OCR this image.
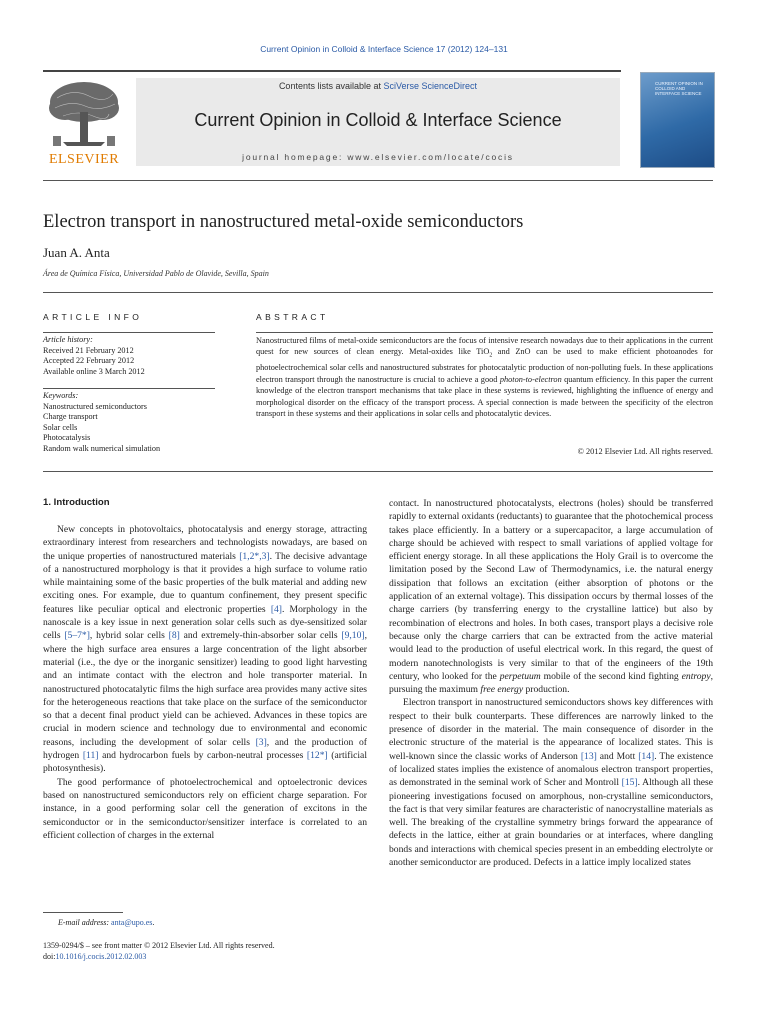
Current Opinion in Colloid & Interface Science 17 (2012) 124–131
ELSEVIER
Contents lists available at SciVerse ScienceDirect
Current Opinion in Colloid & Interface Science
journal homepage: www.elsevier.com/locate/cocis
CURRENT OPINION IN COLLOID AND INTERFACE SCIENCE
Electron transport in nanostructured metal-oxide semiconductors
Juan A. Anta
Área de Química Física, Universidad Pablo de Olavide, Sevilla, Spain
ARTICLE INFO	ABSTRACT
Article history:
Received 21 February 2012
Accepted 22 February 2012
Available online 3 March 2012
Keywords:
Nanostructured semiconductors
Charge transport
Solar cells
Photocatalysis
Random walk numerical simulation
Nanostructured films of metal-oxide semiconductors are the focus of intensive research nowadays due to their applications in the current quest for new sources of clean energy. Metal-oxides like TiO$_2$ and ZnO can be used to make efficient photoanodes for photoelectrochemical solar cells and nanostructured substrates for photocatalytic production of non-polluting fuels. In these applications electron transport through the nanostructure is crucial to achieve a good photon-to-electron quantum efficiency. In this paper the current knowledge of the electron transport mechanisms that take place in these systems is reviewed, highlighting the influence of energy and morphological disorder on the efficacy of the transport process. A special connection is made between the specificity of the electron transport in these systems and their applications in solar cells and photocatalytic devices.
© 2012 Elsevier Ltd. All rights reserved.
1. Introduction

New concepts in photovoltaics, photocatalysis and energy storage, attracting extraordinary interest from researchers and technologists nowadays, are based on the unique properties of nanostructured materials [1,2*,3]. The decisive advantage of a nanostructured morphology is that it provides a high surface to volume ratio while maintaining some of the basic properties of the bulk material and adding new exciting ones. For example, due to quantum confinement, they present specific features like peculiar optical and electronic properties [4]. Morphology in the nanoscale is a key issue in next generation solar cells such as dye-sensitized solar cells [5–7*], hybrid solar cells [8] and extremely-thin-absorber solar cells [9,10], where the high surface area ensures a large concentration of the light absorber material (i.e., the dye or the inorganic sensitizer) leading to good light harvesting and an intimate contact with the electron and hole transporter material. In nanostructured photocatalytic films the high surface area provides many active sites for the heterogeneous reactions that take place on the surface of the semiconductor so that a decent final product yield can be achieved. Advances in these topics are crucial in modern science and technology due to environmental and economic reasons, including the development of solar cells [3], and the production of hydrogen [11] and hydrocarbon fuels by carbon-neutral processes [12*] (artificial photosynthesis).

The good performance of photoelectrochemical and optoelectronic devices based on nanostructured semiconductors rely on efficient charge separation. For instance, in a good performing solar cell the generation of excitons in the semiconductor or in the semiconductor/sensitizer interface is correlated to an efficient collection of charges in the external

contact. In nanostructured photocatalysts, electrons (holes) should be transferred rapidly to external oxidants (reductants) to guarantee that the photochemical process takes place efficiently. In a battery or a supercapacitor, a large accumulation of charge should be achieved with respect to small variations of applied voltage for efficient energy storage. In all these applications the Holy Grail is to overcome the limitation posed by the Second Law of Thermodynamics, i.e. the natural energy dissipation that follows an excitation (either absorption of photons or the application of an external voltage). This dissipation occurs by thermal losses of the charge carriers (by transferring energy to the crystalline lattice) but also by recombination of electrons and holes. In both cases, transport plays a decisive role because only the charge carriers that can be extracted from the active material would lead to the production of useful electrical work. In this regard, the quest of modern nanotechnologists is very similar to that of the engineers of the 19th century, who looked for the perpetuum mobile of the second kind fighting entropy, pursuing the maximum free energy production.

Electron transport in nanostructured semiconductors shows key differences with respect to their bulk counterparts. These differences are narrowly linked to the presence of disorder in the material. The main consequence of disorder in the electronic structure of the material is the appearance of localized states. This is well-known since the classic works of Anderson [13] and Mott [14]. The existence of localized states implies the existence of anomalous electron transport properties, as demonstrated in the seminal work of Scher and Montroll [15]. Although all these pioneering investigations focused on amorphous, non-crystalline semiconductors, the fact is that very similar features are characteristic of nanocrystalline materials as well. The breaking of the crystalline symmetry brings forward the appearance of defects in the lattice, either at grain boundaries or at interfaces, where dangling bonds and interactions with chemical species present in an embedding electrolyte or another semiconductor are produced. Defects in a lattice imply localized states

E-mail address: anta@upo.es.
1359-0294/$ – see front matter © 2012 Elsevier Ltd. All rights reserved.
doi:10.1016/j.cocis.2012.02.003
